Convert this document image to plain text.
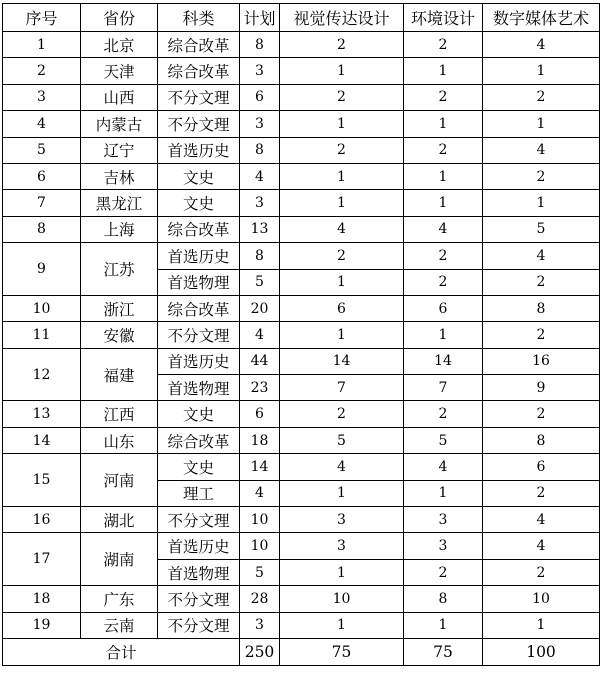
序号	省份	科类	计划	视觉传达设计	环境设计	数字媒体艺术
1	北京	综合改革	8	2	2	4
2	天津	综合改革	3	1	1	1
3	山西	不分文理	6	2	2	2
4	内蒙古	不分文理	3	1	1	1
5	辽宁	首选历史	8	2	2	4
6	吉林	文史	4	1	1	2
7	黑龙江	文史	3	1	1	1
8	上海	综合改革	13	4	4	5
9	江苏	首选历史	8	2	2	4
		首选物理	5	1	2	2
10	浙江	综合改革	20	6	6	8
11	安徽	不分文理	4	1	1	2
12	福建	首选历史	44	14	14	16
		首选物理	23	7	7	9
13	江西	文史	6	2	2	2
14	山东	综合改革	18	5	5	8
15	河南	文史	14	4	4	6
		理工	4	1	1	2
16	湖北	不分文理	10	3	3	4
17	湖南	首选历史	10	3	3	4
		首选物理	5	1	2	2
18	广东	不分文理	28	10	8	10
19	云南	不分文理	3	1	1	1
合计			250	75	75	100
